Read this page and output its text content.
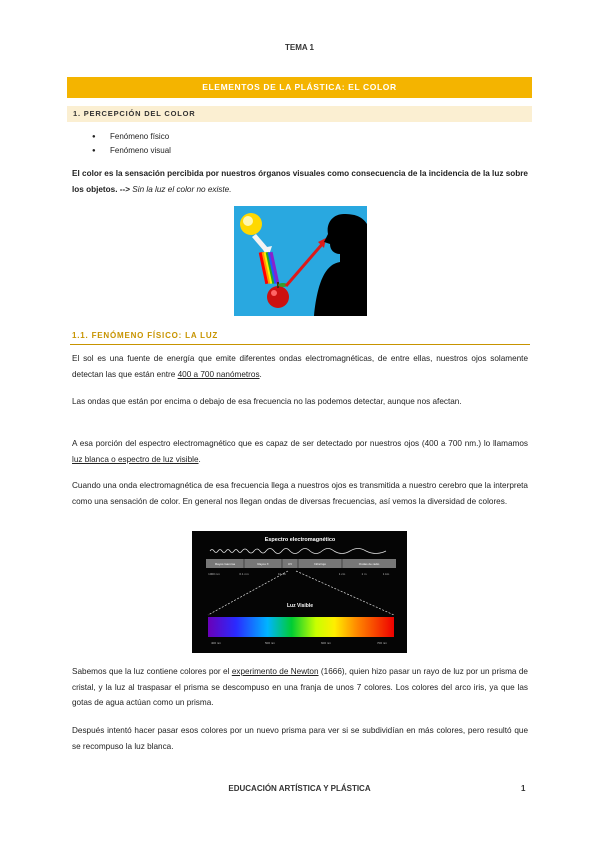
TEMA 1
ELEMENTOS DE LA PLÁSTICA: EL COLOR
1. PERCEPCIÓN DEL COLOR
● Fenómeno físico
● Fenómeno visual

El color es la sensación percibida por nuestros órganos visuales como consecuencia de la incidencia de la luz sobre los objetos. --> Sin la luz el color no existe.

1.1. FENÓMENO FÍSICO: LA LUZ

El sol es una fuente de energía que emite diferentes ondas electromagnéticas, de entre ellas, nuestros ojos solamente detectan las que están entre 400 a 700 nanómetros.

Las ondas que están por encima o debajo de esa frecuencia no las podemos detectar, aunque nos afectan.

A esa porción del espectro electromagnético que es capaz de ser detectado por nuestros ojos (400 a 700 nm.) lo llamamos luz blanca o espectro de luz visible.

Cuando una onda electromagnética de esa frecuencia llega a nuestros ojos es transmitida a nuestro cerebro que la interpreta como una sensación de color. En general nos llegan ondas de diversas frecuencias, así vemos la diversidad de colores.

Espectro electromagnético
Rayos Gamma	Rayos X	UV	Infrarrojo	Ondas de radio
1000 nm	0.1 nm	10 nm	1 cm	1 m	1 km
Luz Visible
400 nm	500 nm	600 nm	700 nm

Sabemos que la luz contiene colores por el experimento de Newton (1666), quien hizo pasar un rayo de luz por un prisma de cristal, y la luz al traspasar el prisma se descompuso en una franja de unos 7 colores. Los colores del arco iris, ya que las gotas de agua actúan como un prisma.

Después intentó hacer pasar esos colores por un nuevo prisma para ver si se subdividían en más colores, pero resultó que se recompuso la luz blanca.

EDUCACIÓN ARTÍSTICA Y PLÁSTICA	1
